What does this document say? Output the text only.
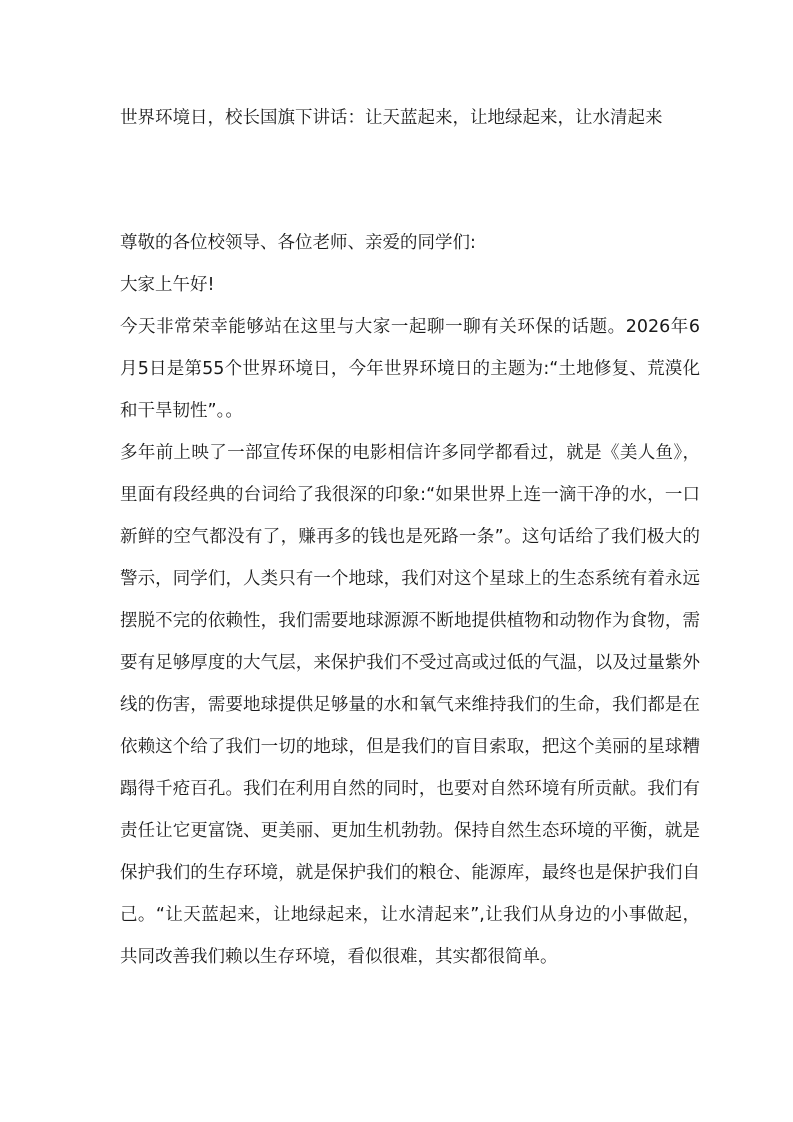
世界环境日，校长国旗下讲话：让天蓝起来，让地绿起来，让水清起来
尊敬的各位校领导、各位老师、亲爱的同学们:
大家上午好!
今天非常荣幸能够站在这里与大家一起聊一聊有关环保的话题。2026年6月5日是第55个世界环境日，今年世界环境日的主题为:“土地修复、荒漠化和干旱韧性”。。
多年前上映了一部宣传环保的电影相信许多同学都看过，就是《美人鱼》，里面有段经典的台词给了我很深的印象:“如果世界上连一滴干净的水，一口新鲜的空气都没有了，赚再多的钱也是死路一条”。这句话给了我们极大的警示，同学们，人类只有一个地球，我们对这个星球上的生态系统有着永远摆脱不完的依赖性，我们需要地球源源不断地提供植物和动物作为食物，需要有足够厚度的大气层，来保护我们不受过高或过低的气温，以及过量紫外线的伤害，需要地球提供足够量的水和氧气来维持我们的生命，我们都是在依赖这个给了我们一切的地球，但是我们的盲目索取，把这个美丽的星球糟蹋得千疮百孔。我们在利用自然的同时，也要对自然环境有所贡献。我们有责任让它更富饶、更美丽、更加生机勃勃。保持自然生态环境的平衡，就是保护我们的生存环境，就是保护我们的粮仓、能源库，最终也是保护我们自己。“让天蓝起来，让地绿起来，让水清起来”,让我们从身边的小事做起，共同改善我们赖以生存环境，看似很难，其实都很简单。
